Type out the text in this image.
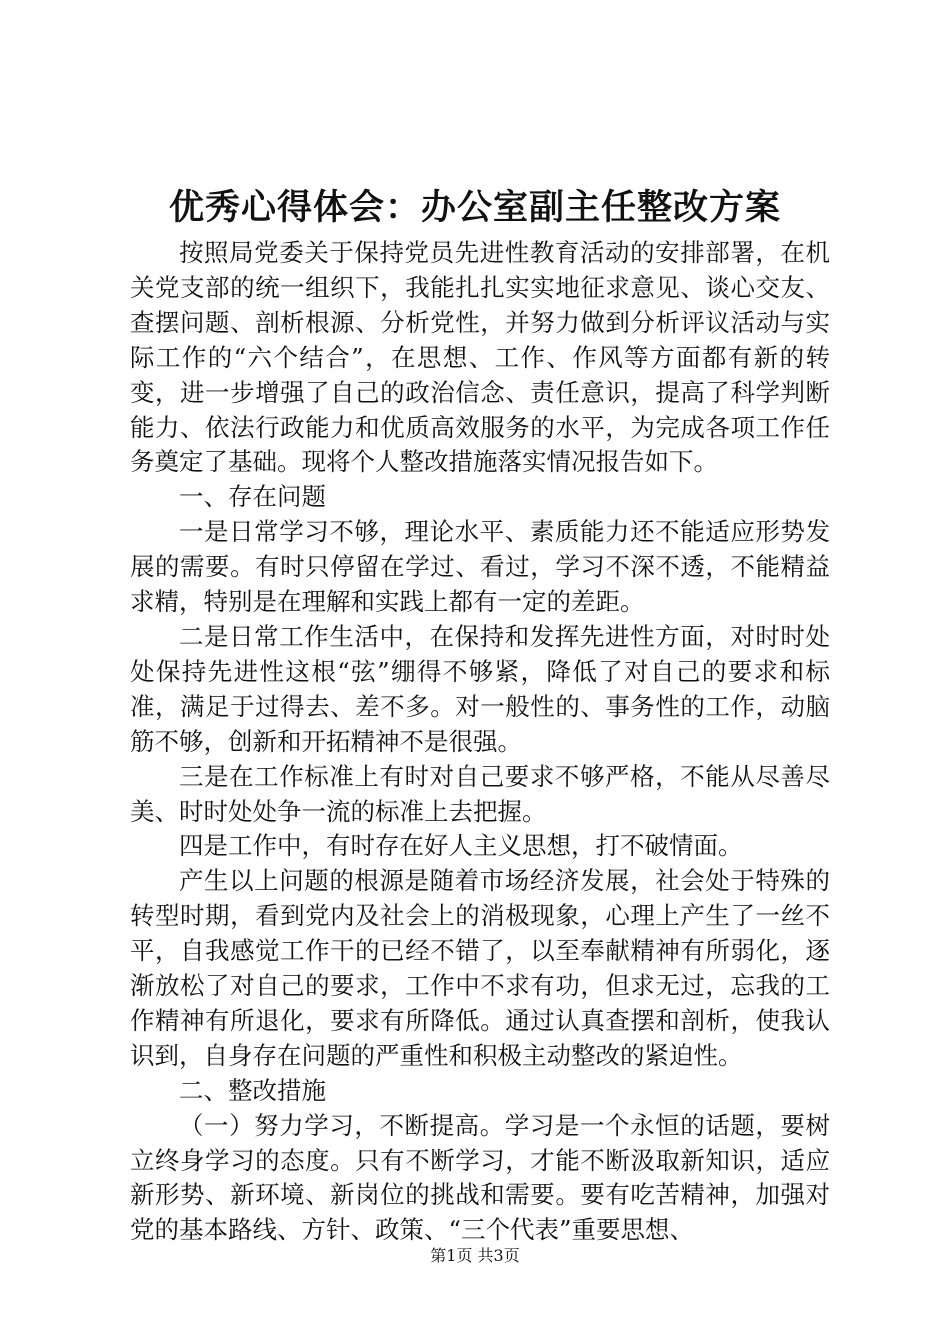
优秀心得体会：办公室副主任整改方案

按照局党委关于保持党员先进性教育活动的安排部署，在机关党支部的统一组织下，我能扎扎实实地征求意见、谈心交友、查摆问题、剖析根源、分析党性，并努力做到分析评议活动与实际工作的“六个结合”，在思想、工作、作风等方面都有新的转变，进一步增强了自己的政治信念、责任意识，提高了科学判断能力、依法行政能力和优质高效服务的水平，为完成各项工作任务奠定了基础。现将个人整改措施落实情况报告如下。

一、存在问题

一是日常学习不够，理论水平、素质能力还不能适应形势发展的需要。有时只停留在学过、看过，学习不深不透，不能精益求精，特别是在理解和实践上都有一定的差距。

二是日常工作生活中，在保持和发挥先进性方面，对时时处处保持先进性这根“弦”绷得不够紧，降低了对自己的要求和标准，满足于过得去、差不多。对一般性的、事务性的工作，动脑筋不够，创新和开拓精神不是很强。

三是在工作标准上有时对自己要求不够严格，不能从尽善尽美、时时处处争一流的标准上去把握。

四是工作中，有时存在好人主义思想，打不破情面。

产生以上问题的根源是随着市场经济发展，社会处于特殊的转型时期，看到党内及社会上的消极现象，心理上产生了一丝不平，自我感觉工作干的已经不错了，以至奉献精神有所弱化，逐渐放松了对自己的要求，工作中不求有功，但求无过，忘我的工作精神有所退化，要求有所降低。通过认真查摆和剖析，使我认识到，自身存在问题的严重性和积极主动整改的紧迫性。

二、整改措施

（一）努力学习，不断提高。学习是一个永恒的话题，要树立终身学习的态度。只有不断学习，才能不断汲取新知识，适应新形势、新环境、新岗位的挑战和需要。要有吃苦精神，加强对党的基本路线、方针、政策、“三个代表”重要思想、

第1页 共3页
